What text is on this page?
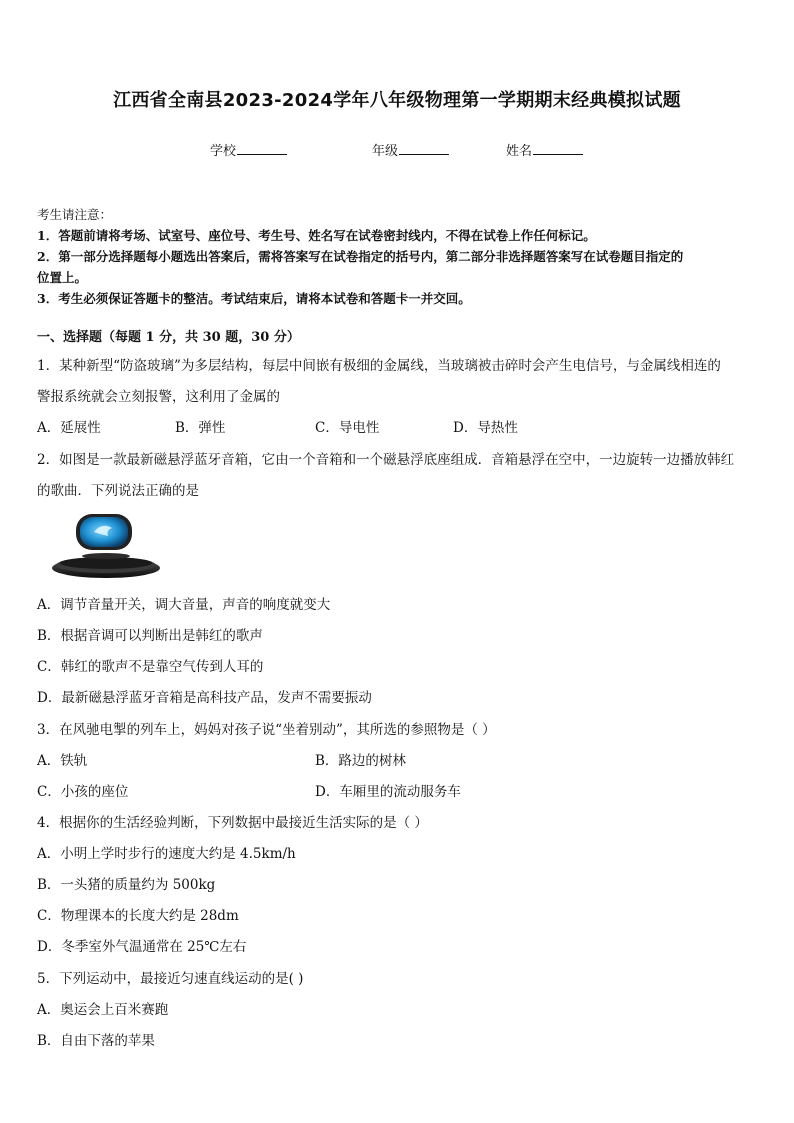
江西省全南县2023-2024学年八年级物理第一学期期末经典模拟试题
学校	年级	姓名
考生请注意：
1．答题前请将考场、试室号、座位号、考生号、姓名写在试卷密封线内，不得在试卷上作任何标记。
2．第一部分选择题每小题选出答案后，需将答案写在试卷指定的括号内，第二部分非选择题答案写在试卷题目指定的
位置上。
3．考生必须保证答题卡的整洁。考试结束后，请将本试卷和答题卡一并交回。
一、选择题（每题 1 分，共 30 题，30 分）
1．某种新型“防盗玻璃”为多层结构，每层中间嵌有极细的金属线，当玻璃被击碎时会产生电信号，与金属线相连的
警报系统就会立刻报警，这利用了金属的
A．延展性	B．弹性	C．导电性	D．导热性
2．如图是一款最新磁悬浮蓝牙音箱，它由一个音箱和一个磁悬浮底座组成．音箱悬浮在空中，一边旋转一边播放韩红
的歌曲．下列说法正确的是
A．调节音量开关，调大音量，声音的响度就变大
B．根据音调可以判断出是韩红的歌声
C．韩红的歌声不是靠空气传到人耳的
D．最新磁悬浮蓝牙音箱是高科技产品，发声不需要振动
3．在风驰电掣的列车上，妈妈对孩子说“坐着别动”，其所选的参照物是（ ）
A．铁轨	B．路边的树林
C．小孩的座位	D．车厢里的流动服务车
4．根据你的生活经验判断，下列数据中最接近生活实际的是（ ）
A．小明上学时步行的速度大约是 4.5km/h
B．一头猪的质量约为 500kg
C．物理课本的长度大约是 28dm
D．冬季室外气温通常在 25℃左右
5．下列运动中，最接近匀速直线运动的是( )
A．奥运会上百米赛跑
B．自由下落的苹果
